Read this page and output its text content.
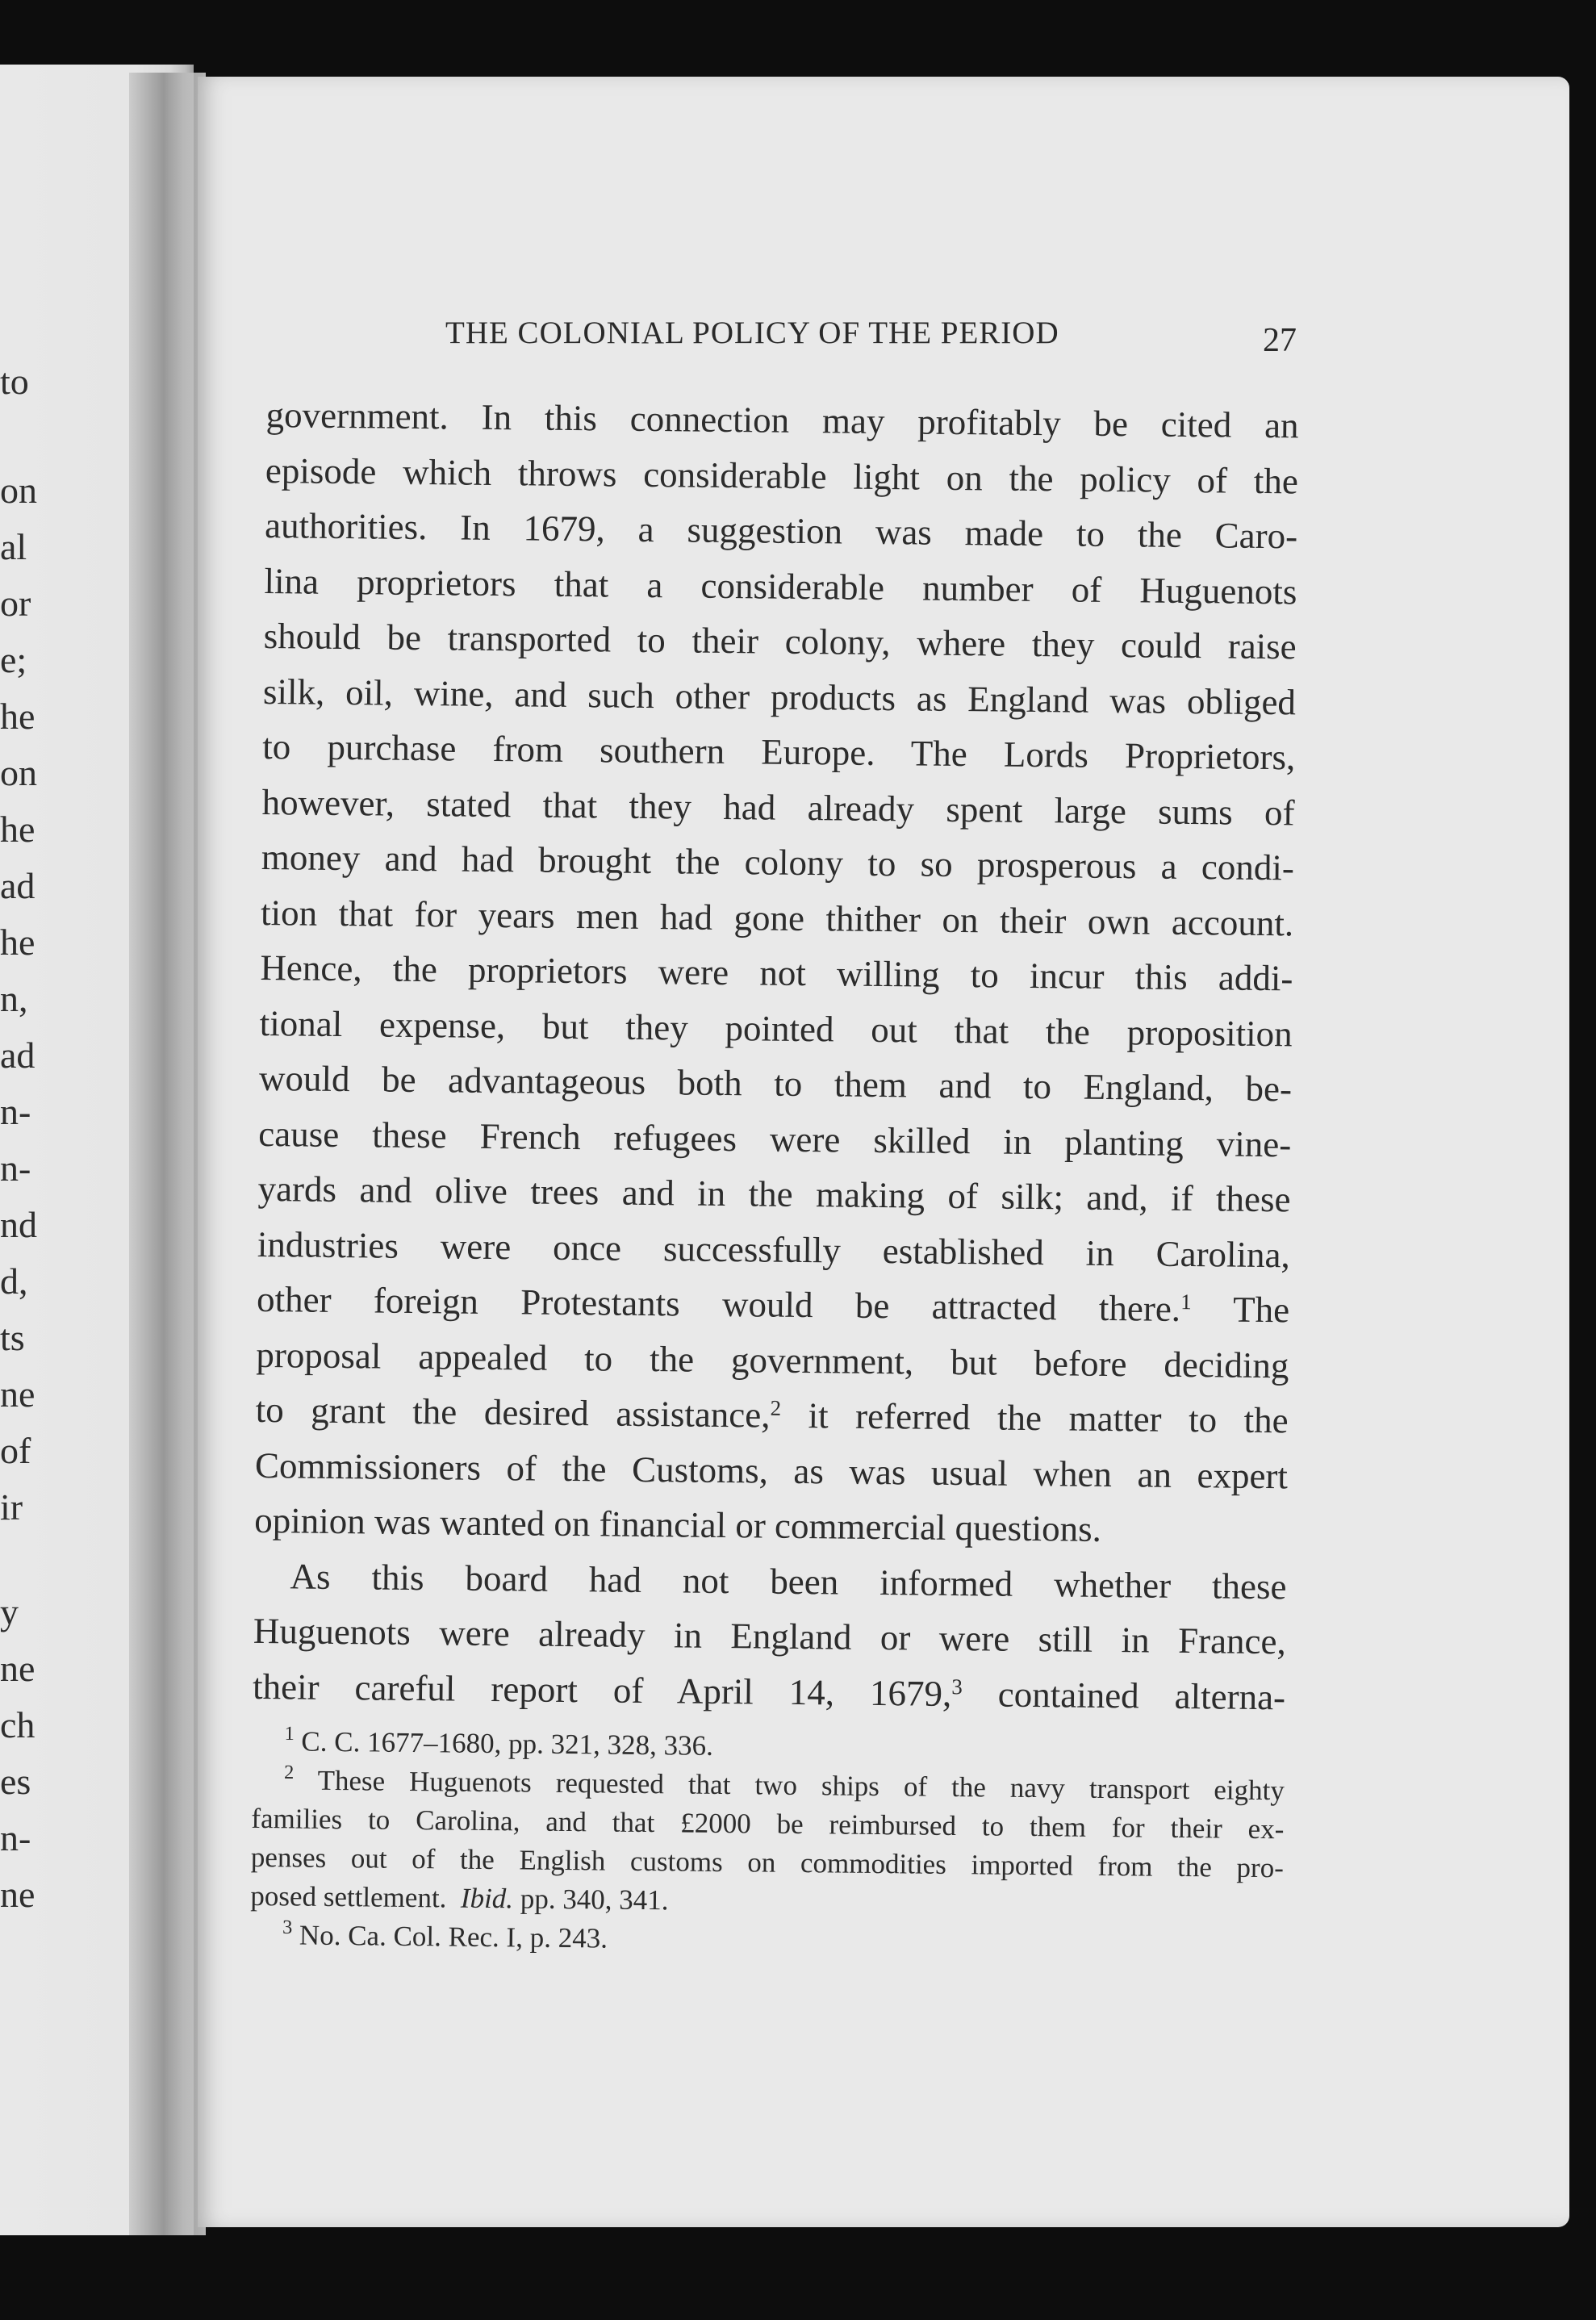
to
on
al
or
e;
he
on
he
ad
he
n,
ad
n-
n-
nd
d,
ts
ne
of
ir
y
ne
ch
es
n-
ne
THE COLONIAL POLICY OF THE PERIOD	27
government. In this connection may profitably be cited an
episode which throws considerable light on the policy of the
authorities. In 1679, a suggestion was made to the Caro-
lina proprietors that a considerable number of Huguenots
should be transported to their colony, where they could raise
silk, oil, wine, and such other products as England was obliged
to purchase from southern Europe. The Lords Proprietors,
however, stated that they had already spent large sums of
money and had brought the colony to so prosperous a condi-
tion that for years men had gone thither on their own account.
Hence, the proprietors were not willing to incur this addi-
tional expense, but they pointed out that the proposition
would be advantageous both to them and to England, be-
cause these French refugees were skilled in planting vine-
yards and olive trees and in the making of silk; and, if these
industries were once successfully established in Carolina,
other foreign Protestants would be attracted there.$^1$ The
proposal appealed to the government, but before deciding
to grant the desired assistance,$^2$ it referred the matter to the
Commissioners of the Customs, as was usual when an expert
opinion was wanted on financial or commercial questions.
As this board had not been informed whether these
Huguenots were already in England or were still in France,
their careful report of April 14, 1679,$^3$ contained alterna-
$^1$ C. C. 1677–1680, pp. 321, 328, 336.
$^2$ These Huguenots requested that two ships of the navy transport eighty
families to Carolina, and that £2000 be reimbursed to them for their ex-
penses out of the English customs on commodities imported from the pro-
posed settlement. Ibid. pp. 340, 341.
$^3$ No. Ca. Col. Rec. I, p. 243.
